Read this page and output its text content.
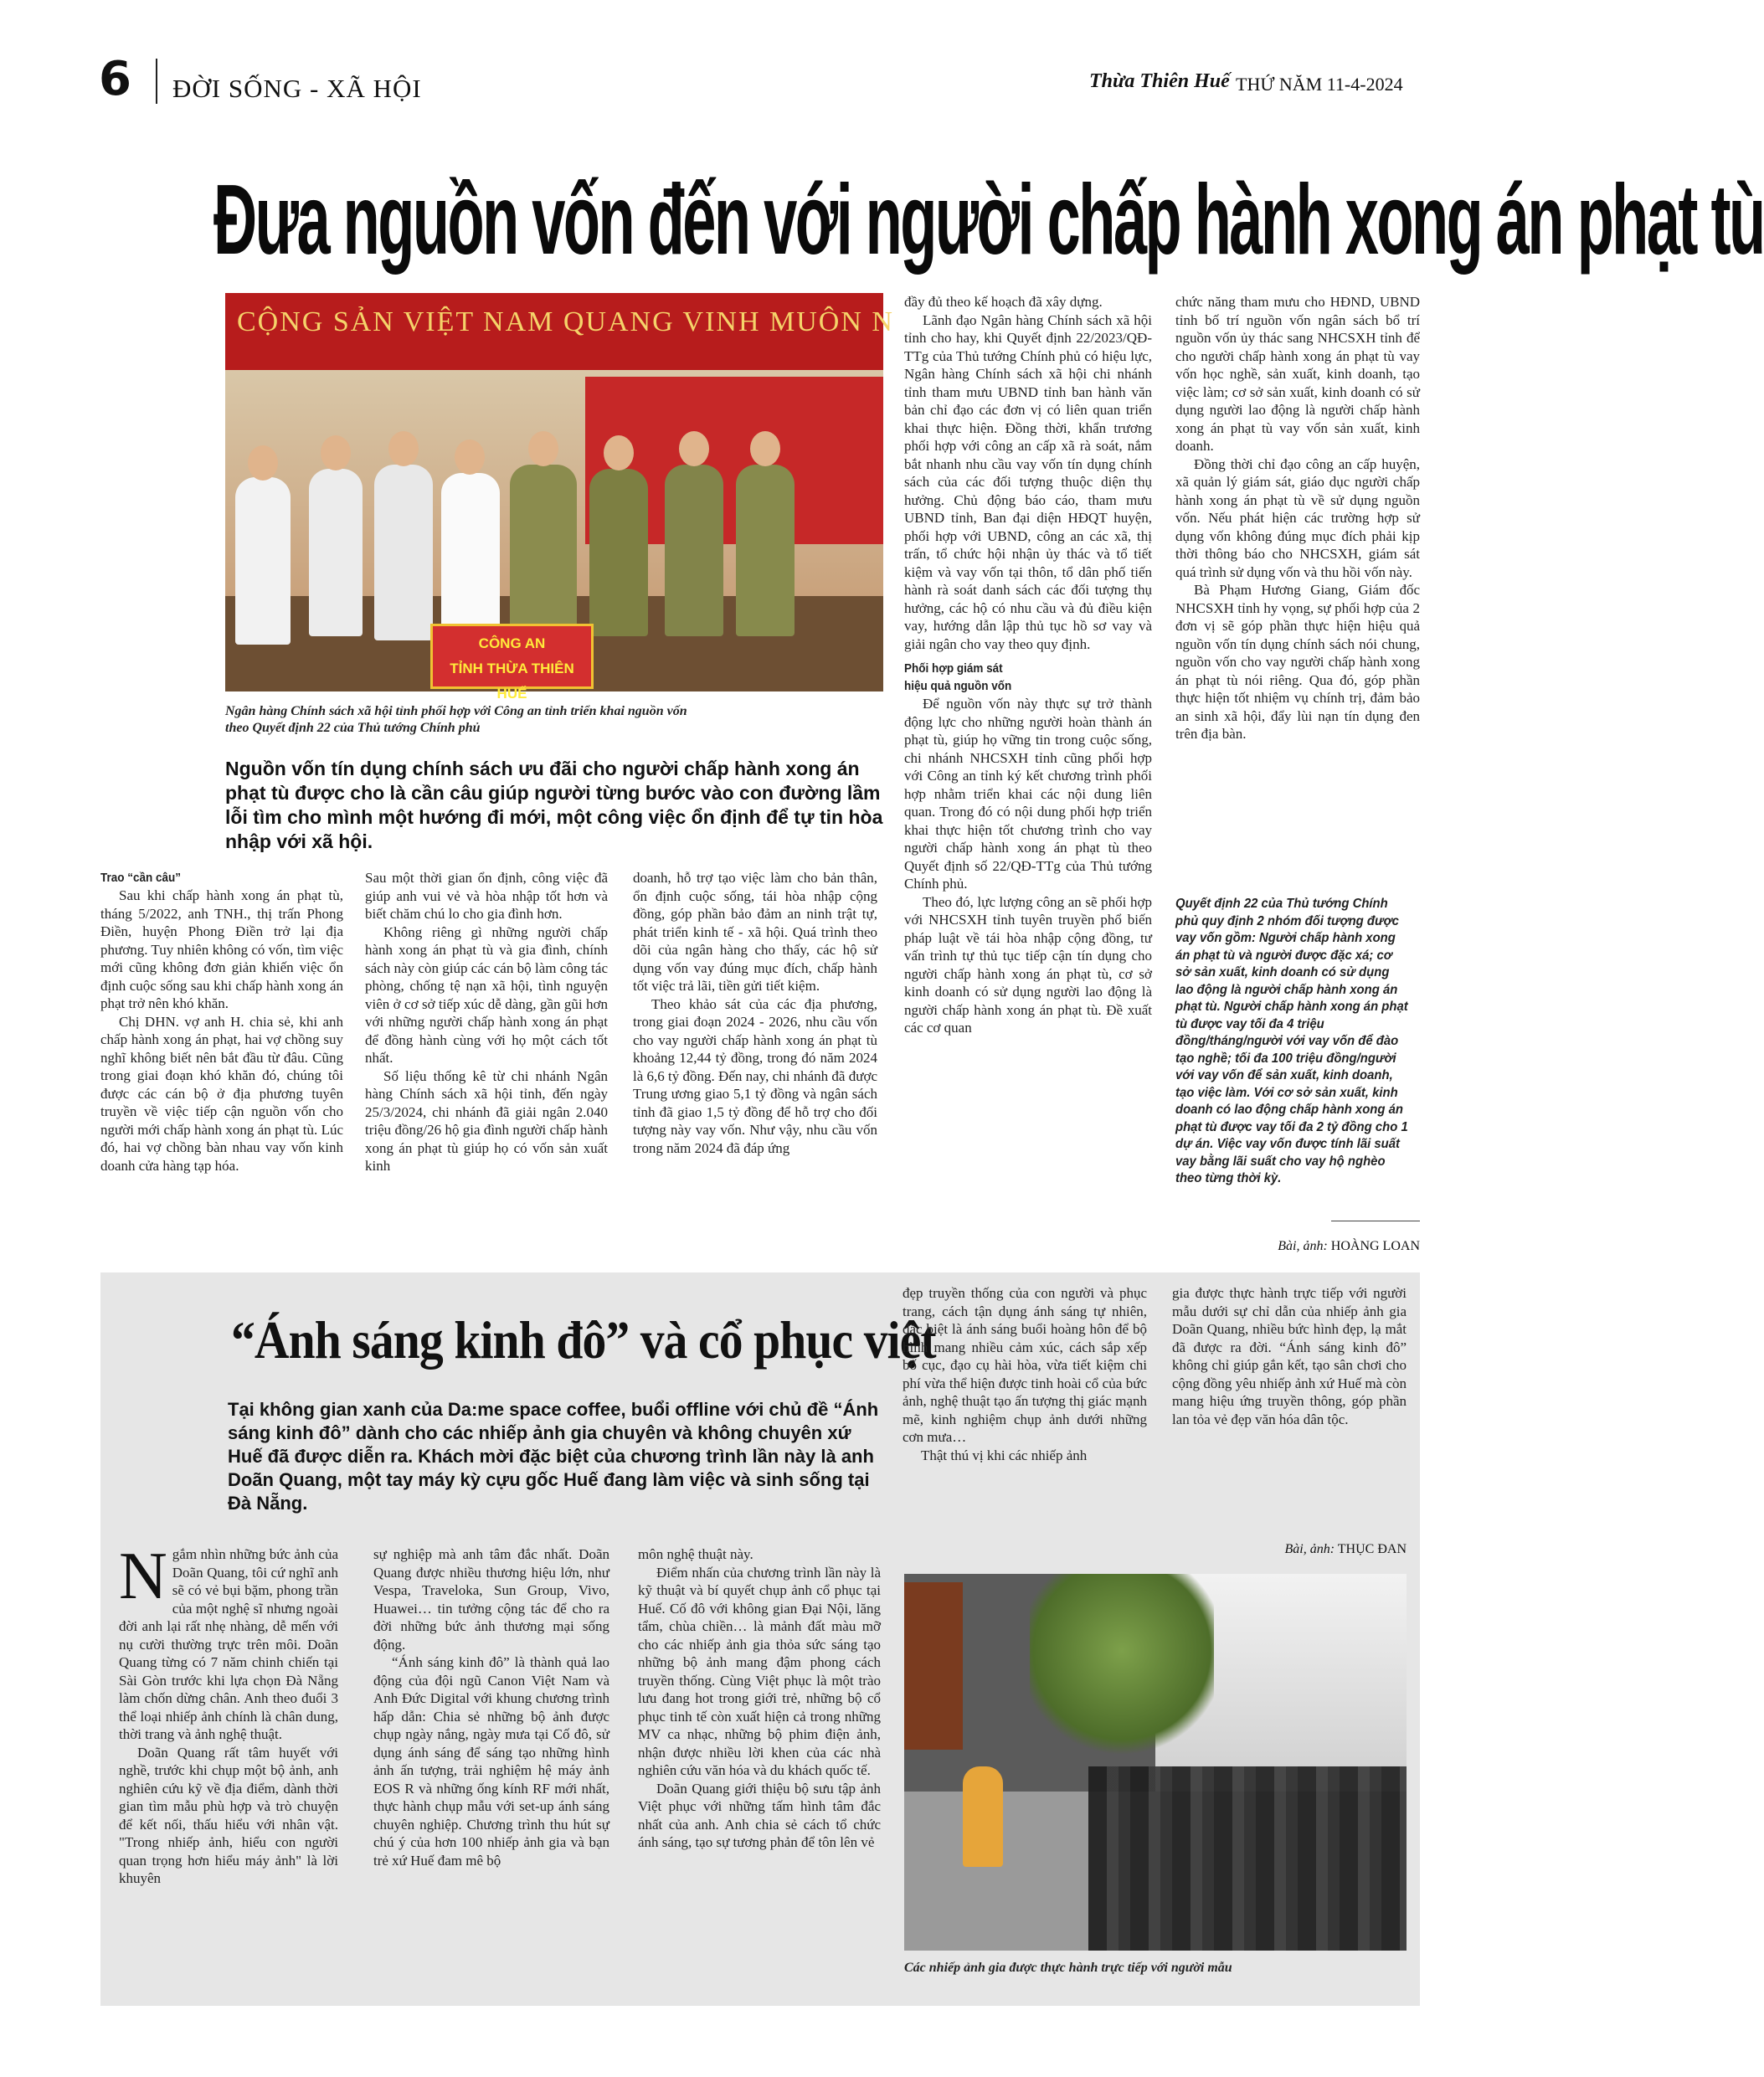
6 ĐỜI SỐNG - XÃ HỘI	Thừa Thiên Huế THỨ NĂM 11-4-2024
Đưa nguồn vốn đến với người chấp hành xong án phạt tù
CỘNG SẢN VIỆT NAM QUANG VINH MUÔN N
CÔNG AN
TỈNH THỪA THIÊN HUẾ
Ngân hàng Chính sách xã hội tỉnh phối hợp với Công an tỉnh triển khai nguồn vốn
theo Quyết định 22 của Thủ tướng Chính phủ
Nguồn vốn tín dụng chính sách ưu đãi cho người chấp hành xong án phạt tù được cho là cần câu giúp người từng bước vào con đường lầm lỗi tìm cho mình một hướng đi mới, một công việc ổn định để tự tin hòa nhập với xã hội.
Trao “cần câu”

Sau khi chấp hành xong án phạt tù, tháng 5/2022, anh TNH., thị trấn Phong Điền, huyện Phong Điền trở lại địa phương. Tuy nhiên không có vốn, tìm việc mới cũng không đơn giản khiến việc ổn định cuộc sống sau khi chấp hành xong án phạt trở nên khó khăn.

Chị DHN. vợ anh H. chia sẻ, khi anh chấp hành xong án phạt, hai vợ chồng suy nghĩ không biết nên bắt đầu từ đâu. Cũng trong giai đoạn khó khăn đó, chúng tôi được các cán bộ ở địa phương tuyên truyền về việc tiếp cận nguồn vốn cho người mới chấp hành xong án phạt tù. Lúc đó, hai vợ chồng bàn nhau vay vốn kinh doanh cửa hàng tạp hóa.

Sau một thời gian ổn định, công việc đã giúp anh vui vẻ và hòa nhập tốt hơn và biết chăm chú lo cho gia đình hơn.

Không riêng gì những người chấp hành xong án phạt tù và gia đình, chính sách này còn giúp các cán bộ làm công tác phòng, chống tệ nạn xã hội, tình nguyện viên ở cơ sở tiếp xúc dễ dàng, gần gũi hơn với những người chấp hành xong án phạt để đồng hành cùng với họ một cách tốt nhất.

Số liệu thống kê từ chi nhánh Ngân hàng Chính sách xã hội tỉnh, đến ngày 25/3/2024, chi nhánh đã giải ngân 2.040 triệu đồng/26 hộ gia đình người chấp hành xong án phạt tù giúp họ có vốn sản xuất kinh

doanh, hỗ trợ tạo việc làm cho bản thân, ổn định cuộc sống, tái hòa nhập cộng đồng, góp phần bảo đảm an ninh trật tự, phát triển kinh tế - xã hội. Quá trình theo dõi của ngân hàng cho thấy, các hộ sử dụng vốn vay đúng mục đích, chấp hành tốt việc trả lãi, tiền gửi tiết kiệm.

Theo khảo sát của các địa phương, trong giai đoạn 2024 - 2026, nhu cầu vốn cho vay người chấp hành xong án phạt tù khoảng 12,44 tỷ đồng, trong đó năm 2024 là 6,6 tỷ đồng. Đến nay, chi nhánh đã được Trung ương giao 5,1 tỷ đồng và ngân sách tỉnh đã giao 1,5 tỷ đồng để hỗ trợ cho đối tượng này vay vốn. Như vậy, nhu cầu vốn trong năm 2024 đã đáp ứng

đầy đủ theo kế hoạch đã xây dựng.

Lãnh đạo Ngân hàng Chính sách xã hội tỉnh cho hay, khi Quyết định 22/2023/QĐ-TTg của Thủ tướng Chính phủ có hiệu lực, Ngân hàng Chính sách xã hội chi nhánh tỉnh tham mưu UBND tỉnh ban hành văn bản chỉ đạo các đơn vị có liên quan triển khai thực hiện. Đồng thời, khẩn trương phối hợp với công an cấp xã rà soát, nắm bắt nhanh nhu cầu vay vốn tín dụng chính sách của các đối tượng thuộc diện thụ hưởng. Chủ động báo cáo, tham mưu UBND tỉnh, Ban đại diện HĐQT huyện, phối hợp với UBND, công an các xã, thị trấn, tổ chức hội nhận ủy thác và tổ tiết kiệm và vay vốn tại thôn, tổ dân phố tiến hành rà soát danh sách các đối tượng thụ hưởng, các hộ có nhu cầu và đủ điều kiện vay, hướng dẫn lập thủ tục hồ sơ vay và giải ngân cho vay theo quy định.

Phối hợp giám sát
hiệu quả nguồn vốn

Để nguồn vốn này thực sự trở thành động lực cho những người hoàn thành án phạt tù, giúp họ vững tin trong cuộc sống, chi nhánh NHCSXH tỉnh cũng phối hợp với Công an tỉnh ký kết chương trình phối hợp nhằm triển khai các nội dung liên quan. Trong đó có nội dung phối hợp triển khai thực hiện tốt chương trình cho vay người chấp hành xong án phạt tù theo Quyết định số 22/QĐ-TTg của Thủ tướng Chính phủ.

Theo đó, lực lượng công an sẽ phối hợp với NHCSXH tỉnh tuyên truyền phổ biến pháp luật về tái hòa nhập cộng đồng, tư vấn trình tự thủ tục tiếp cận tín dụng cho người chấp hành xong án phạt tù, cơ sở kinh doanh có sử dụng người lao động là người chấp hành xong án phạt tù. Đề xuất các cơ quan

chức năng tham mưu cho HĐND, UBND tỉnh bố trí nguồn vốn ngân sách bổ trí nguồn vốn ủy thác sang NHCSXH tỉnh để cho người chấp hành xong án phạt tù vay vốn học nghề, sản xuất, kinh doanh, tạo việc làm; cơ sở sản xuất, kinh doanh có sử dụng người lao động là người chấp hành xong án phạt tù vay vốn sản xuất, kinh doanh.

Đồng thời chỉ đạo công an cấp huyện, xã quản lý giám sát, giáo dục người chấp hành xong án phạt tù về sử dụng nguồn vốn. Nếu phát hiện các trường hợp sử dụng vốn không đúng mục đích phải kịp thời thông báo cho NHCSXH, giám sát quá trình sử dụng vốn và thu hồi vốn này.

Bà Phạm Hương Giang, Giám đốc NHCSXH tỉnh hy vọng, sự phối hợp của 2 đơn vị sẽ góp phần thực hiện hiệu quả nguồn vốn tín dụng chính sách nói chung, nguồn vốn cho vay người chấp hành xong án phạt tù nói riêng. Qua đó, góp phần thực hiện tốt nhiệm vụ chính trị, đảm bảo an sinh xã hội, đẩy lùi nạn tín dụng đen trên địa bàn.

Quyết định 22 của Thủ tướng Chính phủ quy định 2 nhóm đối tượng được vay vốn gồm: Người chấp hành xong án phạt tù và người được đặc xá; cơ sở sản xuất, kinh doanh có sử dụng lao động là người chấp hành xong án phạt tù. Người chấp hành xong án phạt tù được vay tối đa 4 triệu đồng/tháng/người với vay vốn để đào tạo nghề; tối đa 100 triệu đồng/người với vay vốn để sản xuất, kinh doanh, tạo việc làm. Với cơ sở sản xuất, kinh doanh có lao động chấp hành xong án phạt tù được vay tối đa 2 tỷ đồng cho 1 dự án. Việc vay vốn được tính lãi suất vay bằng lãi suất cho vay hộ nghèo theo từng thời kỳ.
Bài, ảnh: HOÀNG LOAN
“Ánh sáng kinh đô” và cổ phục việt
Tại không gian xanh của Da:me space coffee, buổi offline với chủ đề “Ánh sáng kinh đô” dành cho các nhiếp ảnh gia chuyên và không chuyên xứ Huế đã được diễn ra. Khách mời đặc biệt của chương trình lần này là anh Doãn Quang, một tay máy kỳ cựu gốc Huế đang làm việc và sinh sống tại Đà Nẵng.
N gắm nhìn những bức ảnh của Doãn Quang, tôi cứ nghĩ anh sẽ có vẻ bụi bặm, phong trần của một nghệ sĩ nhưng ngoài đời anh lại rất nhẹ nhàng, dễ mến với nụ cười thường trực trên môi. Doãn Quang từng có 7 năm chinh chiến tại Sài Gòn trước khi lựa chọn Đà Nẵng làm chốn dừng chân. Anh theo đuổi 3 thể loại nhiếp ảnh chính là chân dung, thời trang và ảnh nghệ thuật.

Doãn Quang rất tâm huyết với nghề, trước khi chụp một bộ ảnh, anh nghiên cứu kỹ về địa điểm, dành thời gian tìm mẫu phù hợp và trò chuyện để kết nối, thấu hiểu với nhân vật. "Trong nhiếp ảnh, hiểu con người quan trọng hơn hiểu máy ảnh" là lời khuyên

sự nghiệp mà anh tâm đắc nhất. Doãn Quang được nhiều thương hiệu lớn, như Vespa, Traveloka, Sun Group, Vivo, Huawei… tin tưởng cộng tác để cho ra đời những bức ảnh thương mại sống động.

“Ánh sáng kinh đô” là thành quả lao động của đội ngũ Canon Việt Nam và Anh Đức Digital với khung chương trình hấp dẫn: Chia sẻ những bộ ảnh được chụp ngày nắng, ngày mưa tại Cố đô, sử dụng ánh sáng để sáng tạo những hình ảnh ấn tượng, trải nghiệm hệ máy ảnh EOS R và những ống kính RF mới nhất, thực hành chụp mẫu với set-up ánh sáng chuyên nghiệp. Chương trình thu hút sự chú ý của hơn 100 nhiếp ảnh gia và bạn trẻ xứ Huế đam mê bộ

môn nghệ thuật này.

Điểm nhấn của chương trình lần này là kỹ thuật và bí quyết chụp ảnh cổ phục tại Huế. Cố đô với không gian Đại Nội, lăng tẩm, chùa chiền… là mảnh đất màu mỡ cho các nhiếp ảnh gia thỏa sức sáng tạo những bộ ảnh mang đậm phong cách truyền thống. Cùng Việt phục là một trào lưu đang hot trong giới trẻ, những bộ cổ phục tinh tế còn xuất hiện cả trong những MV ca nhạc, những bộ phim điện ảnh, nhận được nhiều lời khen của các nhà nghiên cứu văn hóa và du khách quốc tế.

Doãn Quang giới thiệu bộ sưu tập ảnh Việt phục với những tấm hình tâm đắc nhất của anh. Anh chia sẻ cách tổ chức ánh sáng, tạo sự tương phản để tôn lên vẻ

đẹp truyền thống của con người và phục trang, cách tận dụng ánh sáng tự nhiên, đặc biệt là ánh sáng buổi hoàng hôn để bộ hình mang nhiều cảm xúc, cách sắp xếp bố cục, đạo cụ hài hòa, vừa tiết kiệm chi phí vừa thể hiện được tinh hoài cổ của bức ảnh, nghệ thuật tạo ấn tượng thị giác mạnh mẽ, kinh nghiệm chụp ảnh dưới những cơn mưa…

Thật thú vị khi các nhiếp ảnh

gia được thực hành trực tiếp với người mẫu dưới sự chỉ dẫn của nhiếp ảnh gia Doãn Quang, nhiều bức hình đẹp, lạ mắt đã được ra đời. “Ánh sáng kinh đô” không chỉ giúp gắn kết, tạo sân chơi cho cộng đồng yêu nhiếp ảnh xứ Huế mà còn mang hiệu ứng truyền thông, góp phần lan tỏa vẻ đẹp văn hóa dân tộc.

Bài, ảnh: THỤC ĐAN
Các nhiếp ảnh gia được thực hành trực tiếp với người mẫu
